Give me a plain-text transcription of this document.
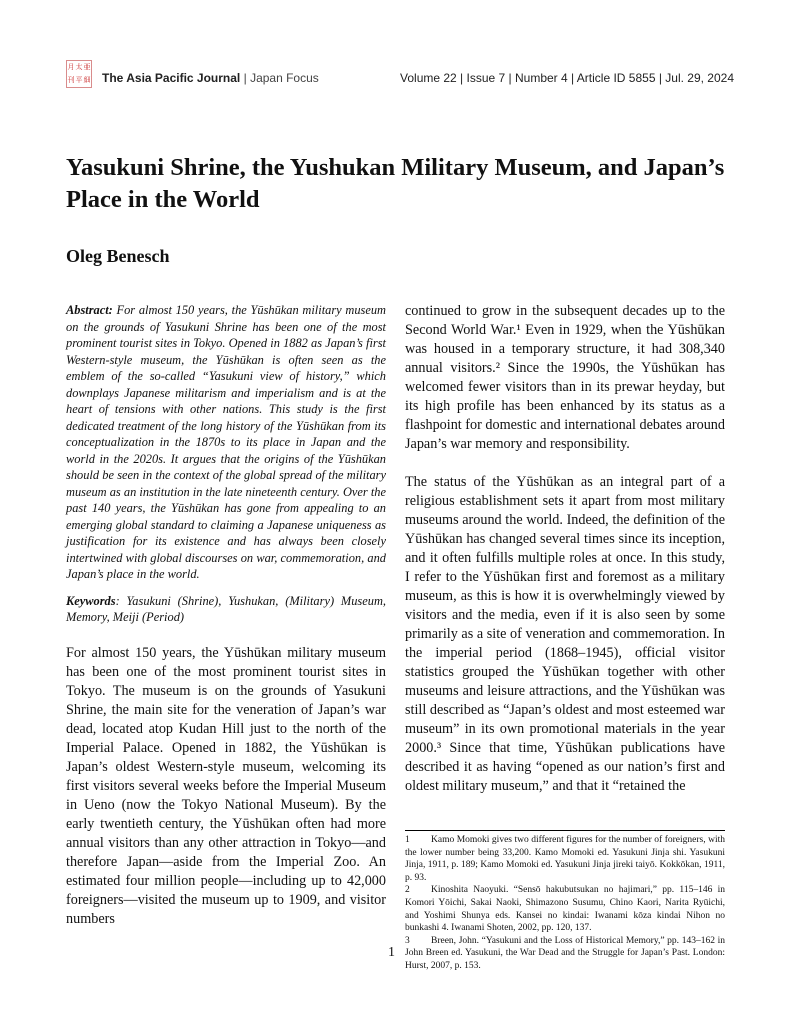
月 太 亜
刊 平 細 The Asia Pacific Journal | Japan Focus	Volume 22 | Issue 7 | Number 4 | Article ID 5855 | Jul. 29, 2024
Yasukuni Shrine, the Yushukan Military Museum, and Japan’s Place in the World

Oleg Benesch

Abstract: For almost 150 years, the Yūshūkan military museum on the grounds of Yasukuni Shrine has been one of the most prominent tourist sites in Tokyo. Opened in 1882 as Japan’s first Western-style museum, the Yūshūkan is often seen as the emblem of the so-called “Yasukuni view of history,” which downplays Japanese militarism and imperialism and is at the heart of tensions with other nations. This study is the first dedicated treatment of the long history of the Yūshūkan from its conceptualization in the 1870s to its place in Japan and the world in the 2020s. It argues that the origins of the Yūshūkan should be seen in the context of the global spread of the military museum as an institution in the late nineteenth century. Over the past 140 years, the Yūshūkan has gone from appealing to an emerging global standard to claiming a Japanese uniqueness as justification for its existence and has always been closely intertwined with global discourses on war, commemoration, and Japan’s place in the world.

Keywords: Yasukuni (Shrine), Yushukan, (Military) Museum, Memory, Meiji (Period)

For almost 150 years, the Yūshūkan military museum has been one of the most prominent tourist sites in Tokyo. The museum is on the grounds of Yasukuni Shrine, the main site for the veneration of Japan’s war dead, located atop Kudan Hill just to the north of the Imperial Palace. Opened in 1882, the Yūshūkan is Japan’s oldest Western-style museum, welcoming its first visitors several weeks before the Imperial Museum in Ueno (now the Tokyo National Museum). By the early twentieth century, the Yūshūkan often had more annual visitors than any other attraction in Tokyo—and therefore Japan—aside from the Imperial Zoo. An estimated four million people—including up to 42,000 foreigners—visited the museum up to 1909, and visitor numbers

continued to grow in the subsequent decades up to the Second World War.¹ Even in 1929, when the Yūshūkan was housed in a temporary structure, it had 308,340 annual visitors.² Since the 1990s, the Yūshūkan has welcomed fewer visitors than in its prewar heyday, but its high profile has been enhanced by its status as a flashpoint for domestic and international debates around Japan’s war memory and responsibility.

The status of the Yūshūkan as an integral part of a religious establishment sets it apart from most military museums around the world. Indeed, the definition of the Yūshūkan has changed several times since its inception, and it often fulfills multiple roles at once. In this study, I refer to the Yūshūkan first and foremost as a military museum, as this is how it is overwhelmingly viewed by visitors and the media, even if it is also seen by some primarily as a site of veneration and commemoration. In the imperial period (1868–1945), official visitor statistics grouped the Yūshūkan together with other museums and leisure attractions, and the Yūshūkan was still described as “Japan’s oldest and most esteemed war museum” in its own promotional materials in the year 2000.³ Since that time, Yūshūkan publications have described it as having “opened as our nation’s first and oldest military museum,” and that it “retained the

1 Kamo Momoki gives two different figures for the number of foreigners, with the lower number being 33,200. Kamo Momoki ed. Yasukuni Jinja shi. Yasukuni Jinja, 1911, p. 189; Kamo Momoki ed. Yasukuni Jinja jireki taiyō. Kokkōkan, 1911, p. 93.

2 Kinoshita Naoyuki. “Sensō hakubutsukan no hajimari,” pp. 115–146 in Komori Yōichi, Sakai Naoki, Shimazono Susumu, Chino Kaori, Narita Ryūichi, and Yoshimi Shunya eds. Kansei no kindai: Iwanami kōza kindai Nihon no bunkashi 4. Iwanami Shoten, 2002, pp. 120, 137.

3 Breen, John. “Yasukuni and the Loss of Historical Memory,” pp. 143–162 in John Breen ed. Yasukuni, the War Dead and the Struggle for Japan’s Past. London: Hurst, 2007, p. 153.

1
